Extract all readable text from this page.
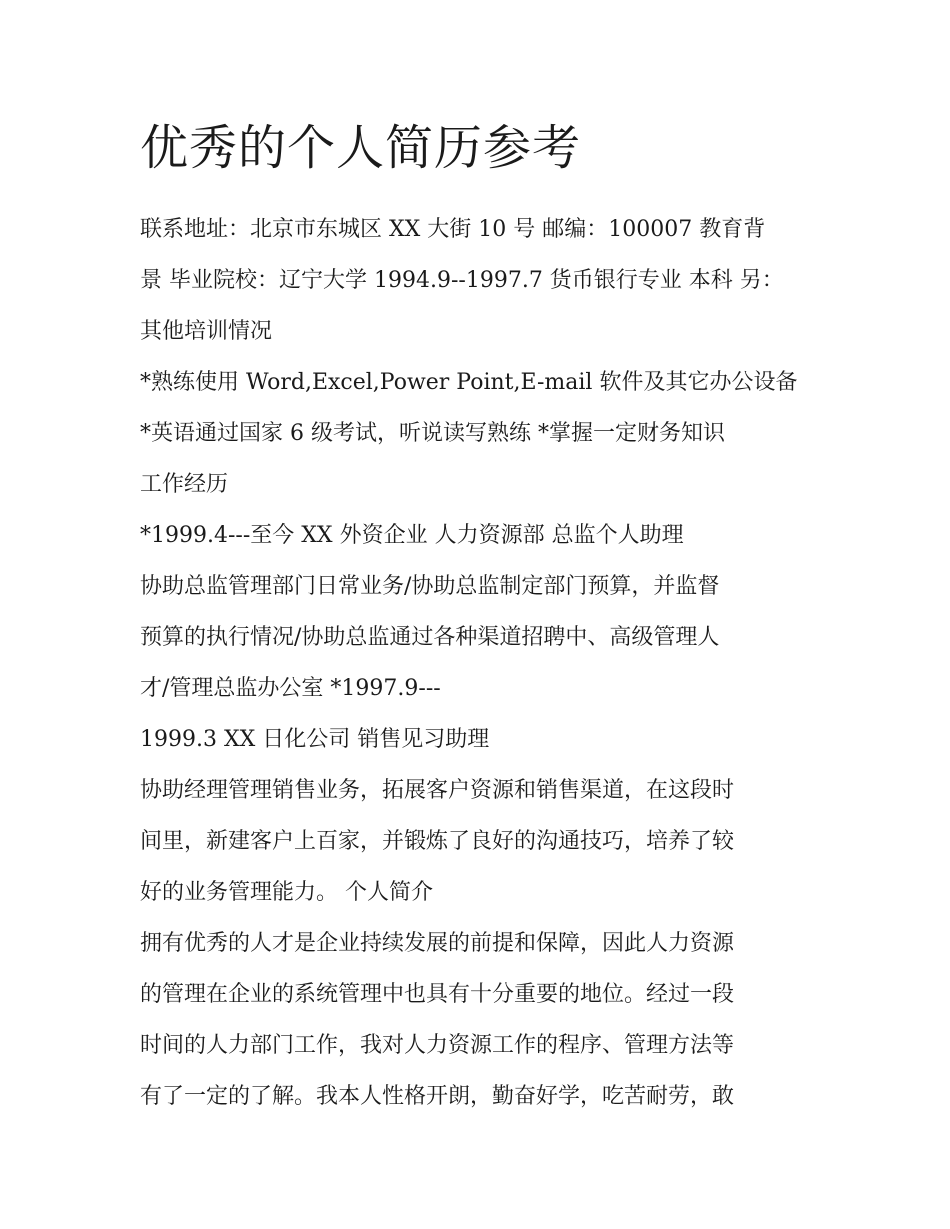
优秀的个人简历参考
联系地址：北京市东城区 XX 大街 10 号 邮编：100007 教育背
景 毕业院校：辽宁大学 1994.9--1997.7 货币银行专业 本科 另：
其他培训情况
*熟练使用 Word,Excel,Power Point,E-mail 软件及其它办公设备
*英语通过国家 6 级考试，听说读写熟练 *掌握一定财务知识
工作经历
*1999.4---至今 XX 外资企业 人力资源部 总监个人助理
协助总监管理部门日常业务/协助总监制定部门预算，并监督
预算的执行情况/协助总监通过各种渠道招聘中、高级管理人
才/管理总监办公室 *1997.9---
1999.3 XX 日化公司 销售见习助理
协助经理管理销售业务，拓展客户资源和销售渠道，在这段时
间里，新建客户上百家，并锻炼了良好的沟通技巧，培养了较
好的业务管理能力。 个人简介
拥有优秀的人才是企业持续发展的前提和保障，因此人力资源
的管理在企业的系统管理中也具有十分重要的地位。经过一段
时间的人力部门工作，我对人力资源工作的程序、管理方法等
有了一定的了解。我本人性格开朗，勤奋好学，吃苦耐劳，敢
